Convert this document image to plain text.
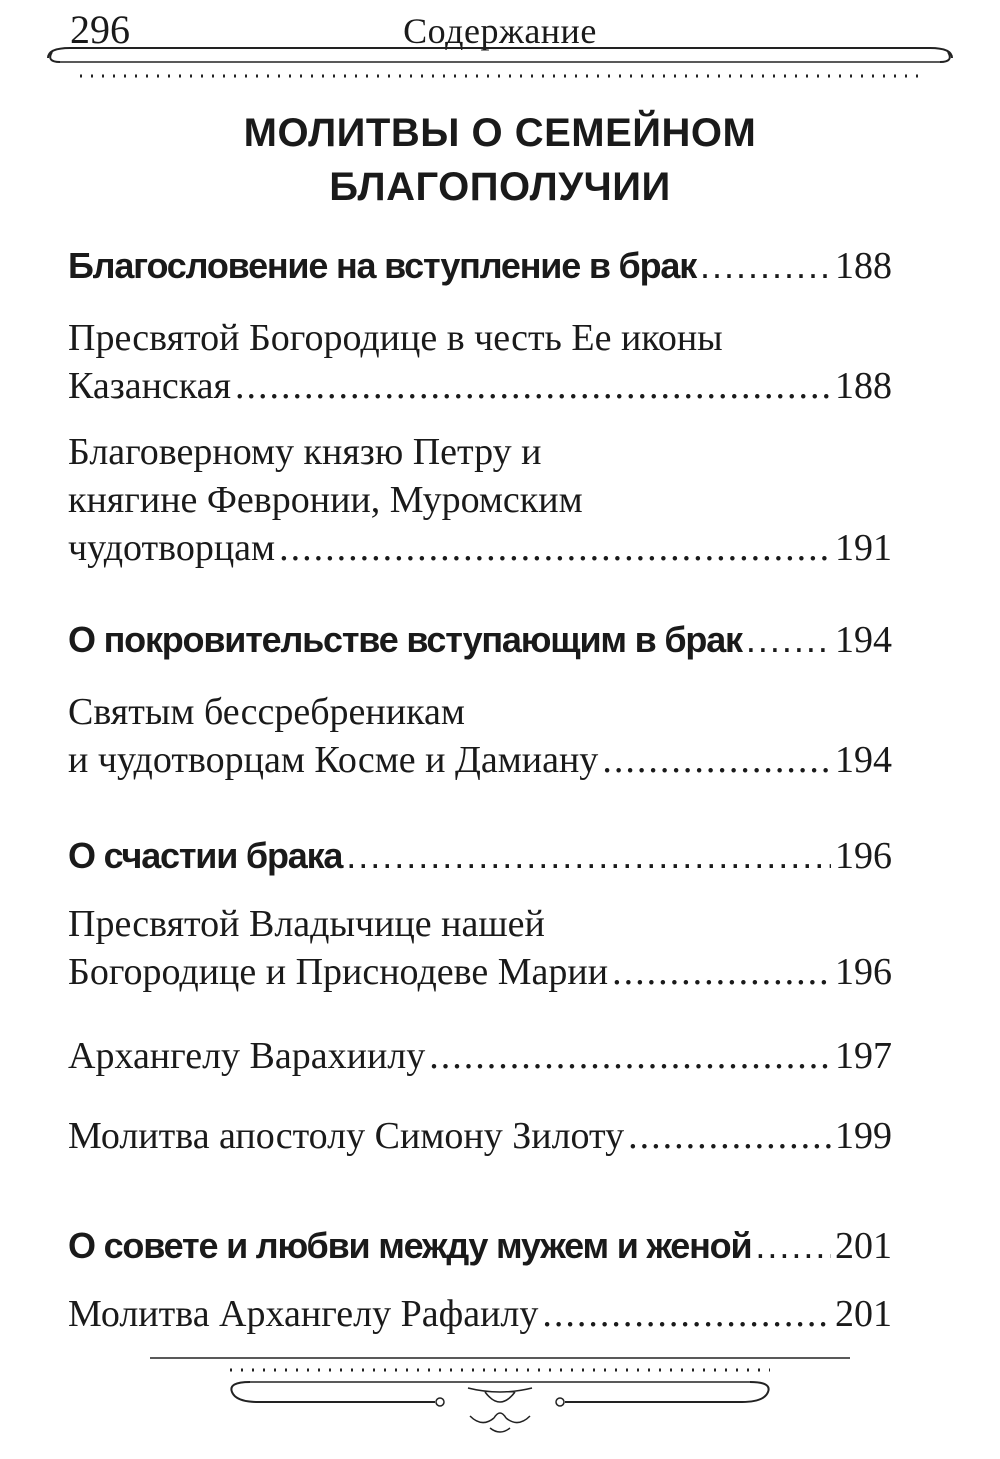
296	Содержание
МОЛИТВЫ О СЕМЕЙНОМ
БЛАГОПОЛУЧИИ
Благословение на вступление в брак .....	188
Пресвятой Богородице в честь Ее иконы
Казанская .....	188
Благоверному князю Петру и
княгине Февронии, Муромским
чудотворцам .....	191
О покровительстве вступающим в брак ..... 194
Святым бессребреникам
и чудотворцам Косме и Дамиану .....	194
О счастии брака .....	196
Пресвятой Владычице нашей
Богородице и Приснодеве Марии .....	196
Архангелу Варахиилу .....	197
Молитва апостолу Симону Зилоту .....	199
О совете и любви между мужем и женой ..... 201
Молитва Архангелу Рафаилу .....	201
